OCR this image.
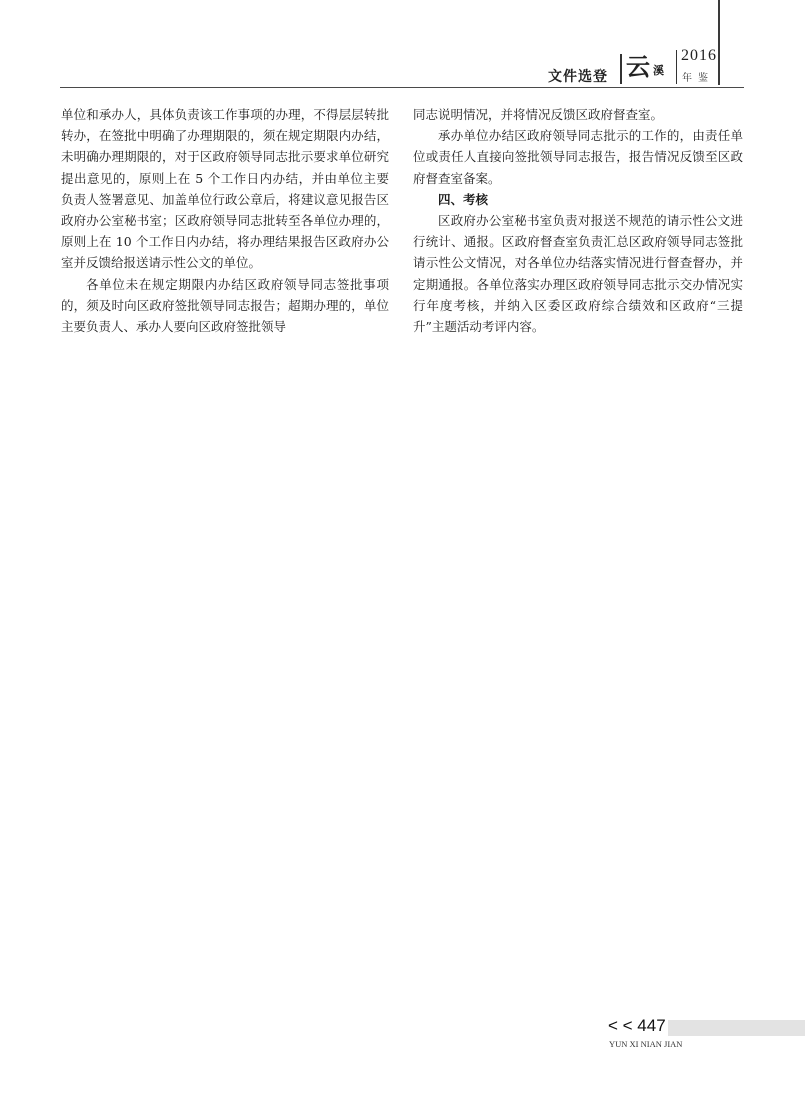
文件选登 云 溪
2016
年鉴

单位和承办人，具体负责该工作事项的办理，不得层层转批转办，在签批中明确了办理期限的，须在规定期限内办结，未明确办理期限的，对于区政府领导同志批示要求单位研究提出意见的，原则上在 5 个工作日内办结，并由单位主要负责人签署意见、加盖单位行政公章后，将建议意见报告区政府办公室秘书室；区政府领导同志批转至各单位办理的，原则上在 10 个工作日内办结，将办理结果报告区政府办公室并反馈给报送请示性公文的单位。

各单位未在规定期限内办结区政府领导同志签批事项的，须及时向区政府签批领导同志报告；超期办理的，单位主要负责人、承办人要向区政府签批领导

同志说明情况，并将情况反馈区政府督查室。

承办单位办结区政府领导同志批示的工作的，由责任单位或责任人直接向签批领导同志报告，报告情况反馈至区政府督查室备案。

四、考核

区政府办公室秘书室负责对报送不规范的请示性公文进行统计、通报。区政府督查室负责汇总区政府领导同志签批请示性公文情况，对各单位办结落实情况进行督查督办，并定期通报。各单位落实办理区政府领导同志批示交办情况实行年度考核，并纳入区委区政府综合绩效和区政府“三提升”主题活动考评内容。

< < 447
YUN XI NIAN JIAN
